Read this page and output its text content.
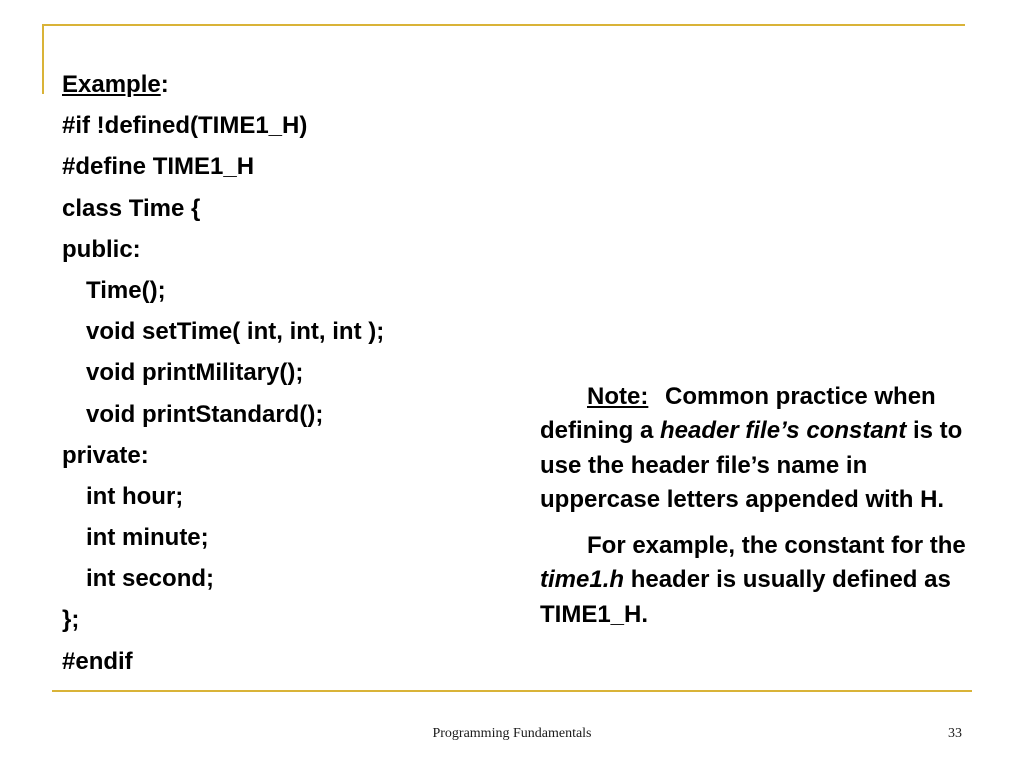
Example:
#if !defined(TIME1_H)
#define TIME1_H
class Time {
public:
Time();
void setTime( int, int, int );
void printMilitary();
void printStandard();
private:
int hour;
int minute;
int second;
};
#endif

Note: Common practice when defining a header file’s constant is to use the header file’s name in uppercase letters appended with H.

For example, the constant for the time1.h header is usually defined as TIME1_H.

Programming Fundamentals	33
